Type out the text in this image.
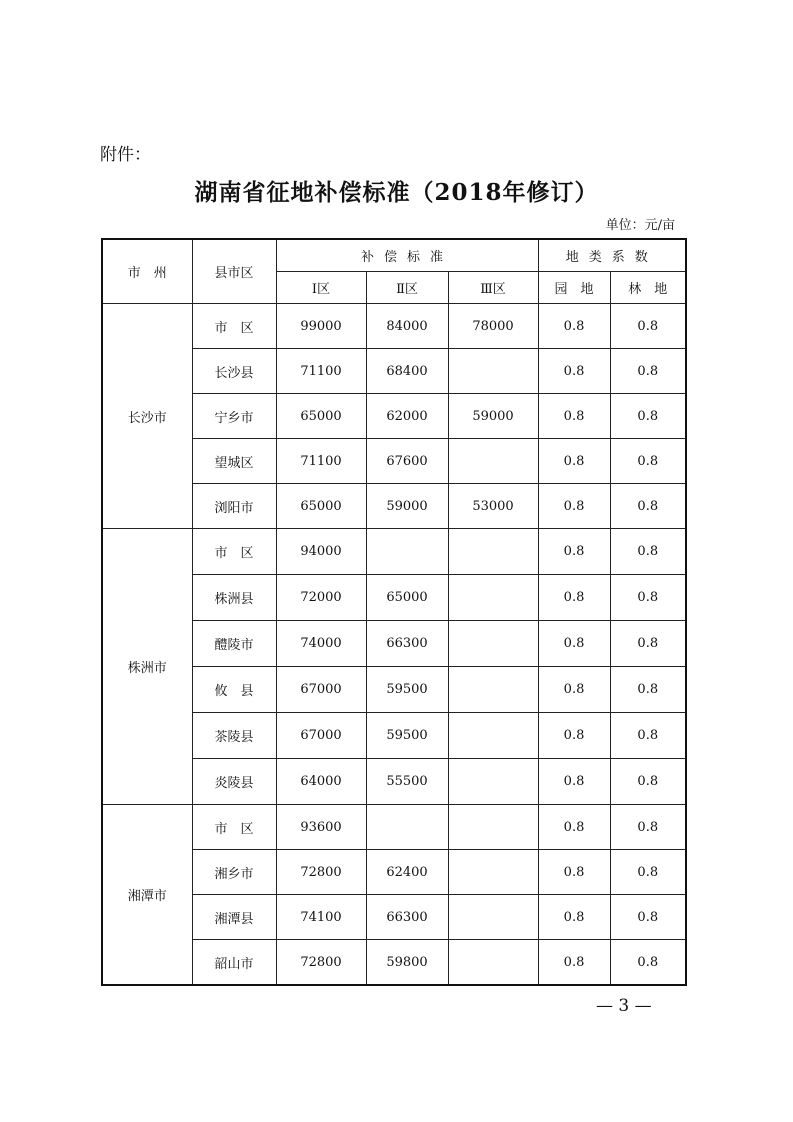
附件：
湖南省征地补偿标准（2018年修订）
单位：元/亩
市　州	县市区	补偿标准			地类系数	
		Ⅰ区	Ⅱ区	Ⅲ区	园　地	林　地
长沙市	市　区	99000	84000	78000	0.8	0.8
	长沙县	71100	68400		0.8	0.8
	宁乡市	65000	62000	59000	0.8	0.8
	望城区	71100	67600		0.8	0.8
	浏阳市	65000	59000	53000	0.8	0.8
株洲市	市　区	94000			0.8	0.8
	株洲县	72000	65000		0.8	0.8
	醴陵市	74000	66300		0.8	0.8
	攸　县	67000	59500		0.8	0.8
	茶陵县	67000	59500		0.8	0.8
	炎陵县	64000	55500		0.8	0.8
湘潭市	市　区	93600			0.8	0.8
	湘乡市	72800	62400		0.8	0.8
	湘潭县	74100	66300		0.8	0.8
	韶山市	72800	59800		0.8	0.8
— 3 —
